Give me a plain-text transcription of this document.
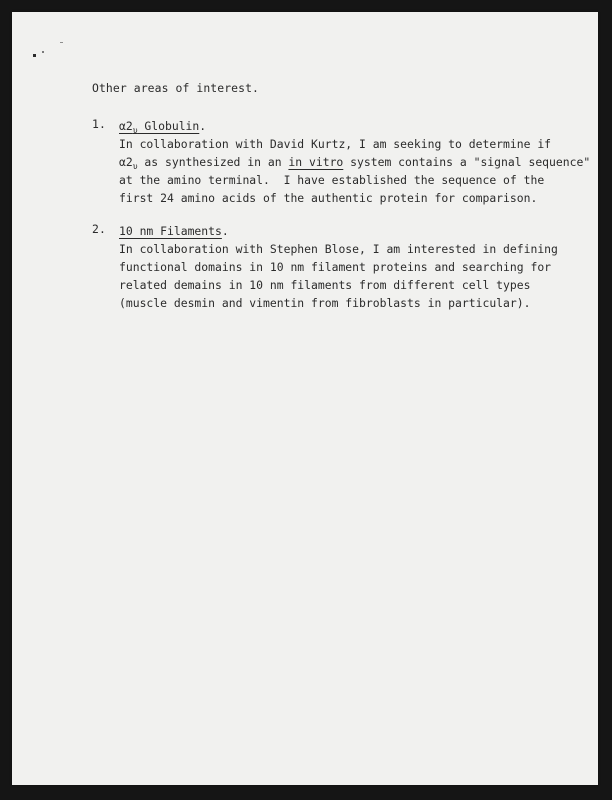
Other areas of interest.
1. $\alpha 2_\upsilon$ Globulin.
In collaboration with David Kurtz, I am seeking to determine if
$\alpha 2_\upsilon$ as synthesized in an in vitro system contains a "signal sequence"
at the amino terminal.  I have established the sequence of the
first 24 amino acids of the authentic protein for comparison.
2. 10 nm Filaments.
In collaboration with Stephen Blose, I am interested in defining
functional domains in 10 nm filament proteins and searching for
related demains in 10 nm filaments from different cell types
(muscle desmin and vimentin from fibroblasts in particular).
